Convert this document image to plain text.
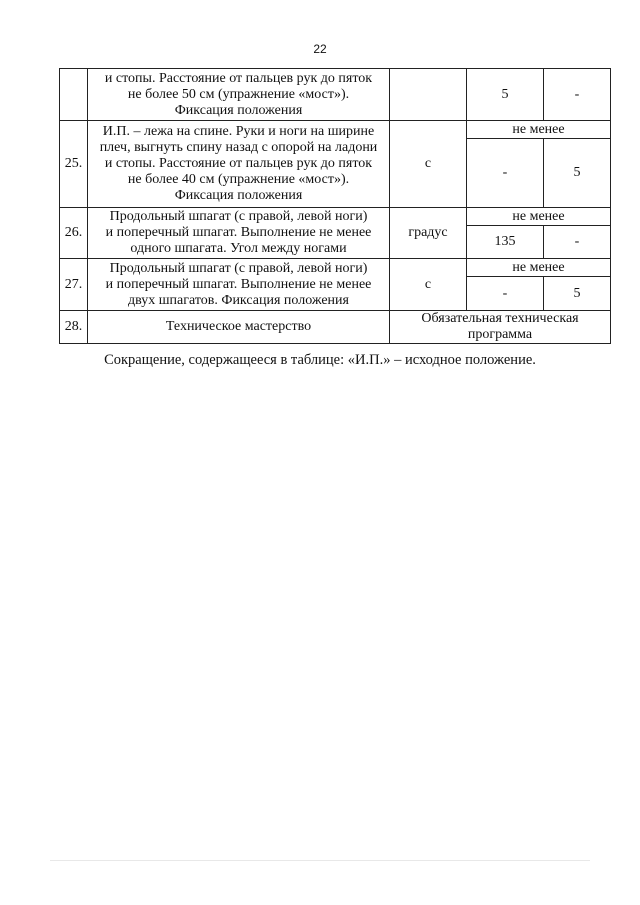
22

	и стопы. Расстояние от пальцев рук до пяток
не более 50 см (упражнение «мост»).
Фиксация положения		5	-
25.	И.П. – лежа на спине. Руки и ноги на ширине
плеч, выгнуть спину назад с опорой на ладони
и стопы. Расстояние от пальцев рук до пяток
не более 40 см (упражнение «мост»).
Фиксация положения	с	не менее	
			-	5
26.	Продольный шпагат (с правой, левой ноги)
и поперечный шпагат. Выполнение не менее
одного шпагата. Угол между ногами	градус	не менее	
			135	-
27.	Продольный шпагат (с правой, левой ноги)
и поперечный шпагат. Выполнение не менее
двух шпагатов. Фиксация положения	с	не менее	
			-	5
28.	Техническое мастерство	Обязательная техническая
программа		
Сокращение, содержащееся в таблице: «И.П.» – исходное положение.
